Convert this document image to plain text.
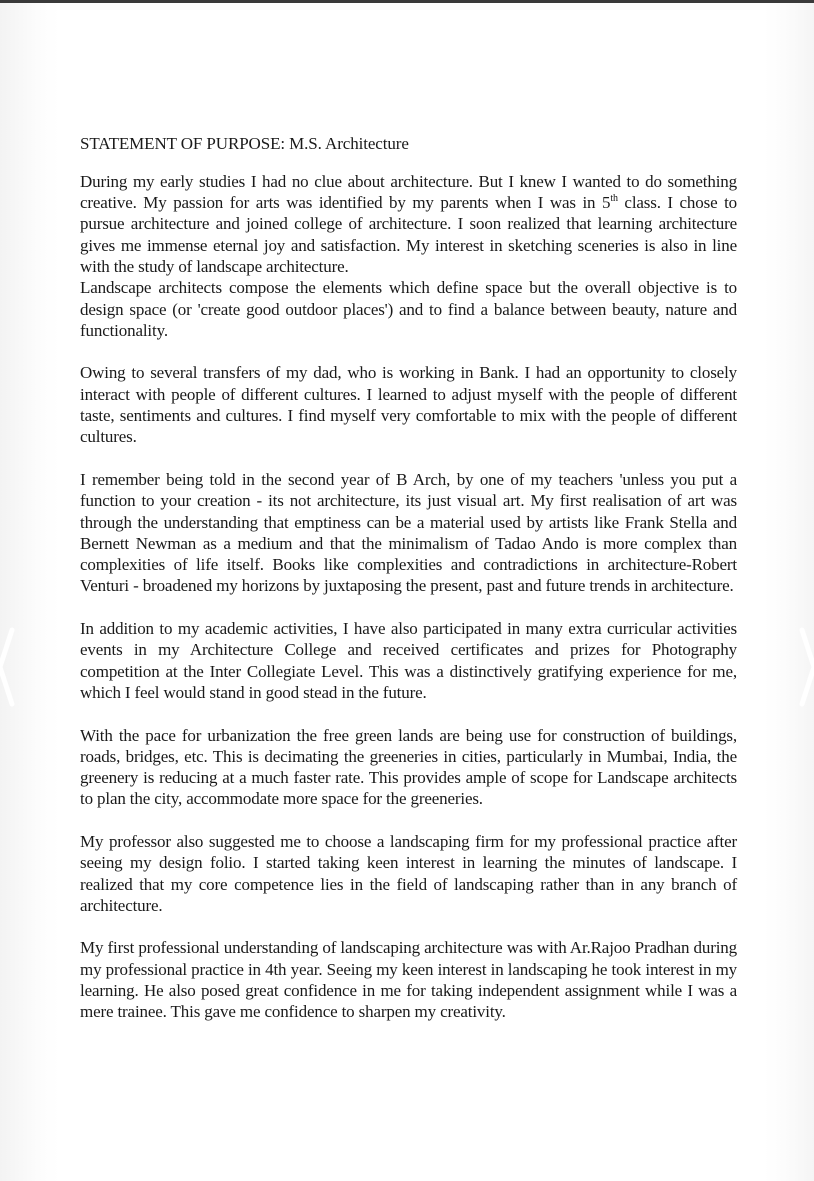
STATEMENT OF PURPOSE: M.S. Architecture

During my early studies I had no clue about architecture. But I knew I wanted to do something creative. My passion for arts was identified by my parents when I was in 5th class. I chose to pursue architecture and joined college of architecture. I soon realized that learning architecture gives me immense eternal joy and satisfaction. My interest in sketching sceneries is also in line with the study of landscape architecture.

Landscape architects compose the elements which define space but the overall objective is to design space (or 'create good outdoor places') and to find a balance between beauty, nature and functionality.

Owing to several transfers of my dad, who is working in Bank. I had an opportunity to closely interact with people of different cultures. I learned to adjust myself with the people of different taste, sentiments and cultures. I find myself very comfortable to mix with the people of different cultures.

I remember being told in the second year of B Arch, by one of my teachers 'unless you put a function to your creation - its not architecture, its just visual art. My first realisation of art was through the understanding that emptiness can be a material used by artists like Frank Stella and Bernett Newman as a medium and that the minimalism of Tadao Ando is more complex than complexities of life itself. Books like complexities and contradictions in architecture-Robert Venturi - broadened my horizons by juxtaposing the present, past and future trends in architecture.

In addition to my academic activities, I have also participated in many extra curricular activities events in my Architecture College and received certificates and prizes for Photography competition at the Inter Collegiate Level. This was a distinctively gratifying experience for me, which I feel would stand in good stead in the future.

With the pace for urbanization the free green lands are being use for construction of buildings, roads, bridges, etc. This is decimating the greeneries in cities, particularly in Mumbai, India, the greenery is reducing at a much faster rate. This provides ample of scope for Landscape architects to plan the city, accommodate more space for the greeneries.

My professor also suggested me to choose a landscaping firm for my professional practice after seeing my design folio. I started taking keen interest in learning the minutes of landscape. I realized that my core competence lies in the field of landscaping rather than in any branch of architecture.

My first professional understanding of landscaping architecture was with Ar.Rajoo Pradhan during my professional practice in 4th year. Seeing my keen interest in landscaping he took interest in my learning. He also posed great confidence in me for taking independent assignment while I was a mere trainee. This gave me confidence to sharpen my creativity.
